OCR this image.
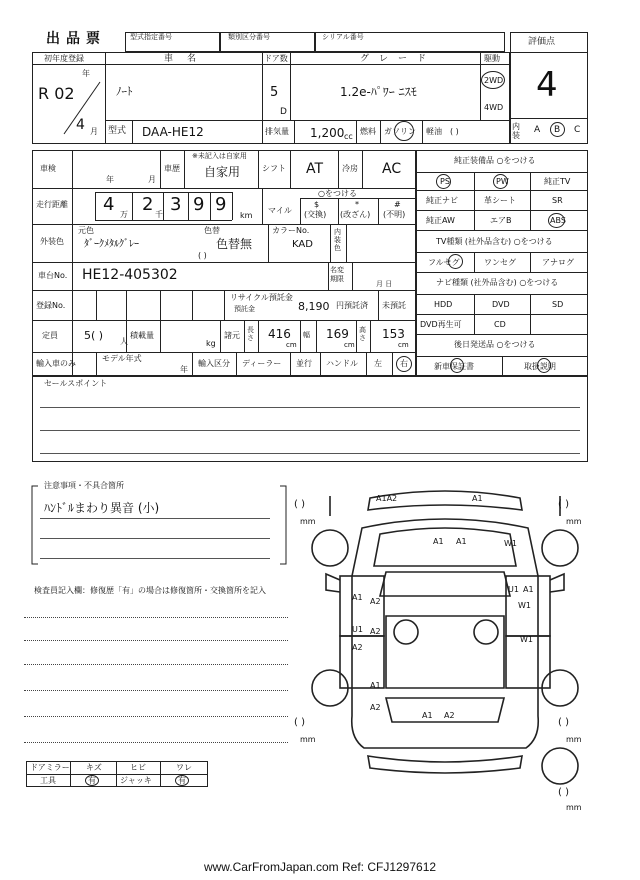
出品票	型式指定番号	類別区分番号	シリアル番号	評価点
4
内装
A B C
初年度登録
R 02
年
4 月
車名
ﾉｰﾄ
ドア数
5
D
グレード
1.2e-ﾊﾟﾜｰ ﾆｽﾓ
駆動
2WD
4WD
型式 DAA-HE12	排気量 1,200 cc
燃料 ガソリン 軽油 ( )
車検
年	月
車歴
※未記入は自家用
自家用	シフト AT 冷房 AC
走行距離 4 万 2 千 3 9 9
km
マイル
○をつける
$
(交換)
*
(改ざん)
#
(不明)
外装色
元色
ﾀﾞｰｸﾒﾀﾙｸﾞﾚｰ
色替
色替無
( )
カラーNo.
KAD
内装色
車台No. HE12-405302	名変期限
月 日
登録No.
リサイクル預託金
預託金	8,190 円預託済 未預託
定員 5( ) 人
積載量
kg
諸元
長さ 416
cm
幅 169
cm
高さ 153
cm
輸入車のみ
モデル年式
年
輸入区分 ディーラー 並行 ハンドル 左 右
純正装備品 ○をつける
PS	PW	純正TV
純正ナビ	革シート	SR
純正AW	エアB	ABS
TV種類 (社外品含む) ○をつける
フルセグ	ワンセグ	アナログ
ナビ種類 (社外品含む) ○をつける
HDD	DVD	SD
DVD再生可	CD
後日発送品 ○をつける
新車保証書	取扱説明
セールスポイント
注意事項・不具合箇所
ﾊﾝﾄﾞﾙまわり異音 (小)
検査員記入欄：修復歴「有」の場合は修復箇所・交換箇所を記入
ドアミラー キズ	ヒビ	ワレ
工具	有	ジャッキ	有
A1A2	A1
A1 A1	W1
U1 A1
W1
A1 A2
U1 A2
A2
W1
A1
A2
A1 A2
( )
mm
( )
mm
( )
mm
( )
mm
( )
mm
www.CarFromJapan.com Ref: CFJ1297612
